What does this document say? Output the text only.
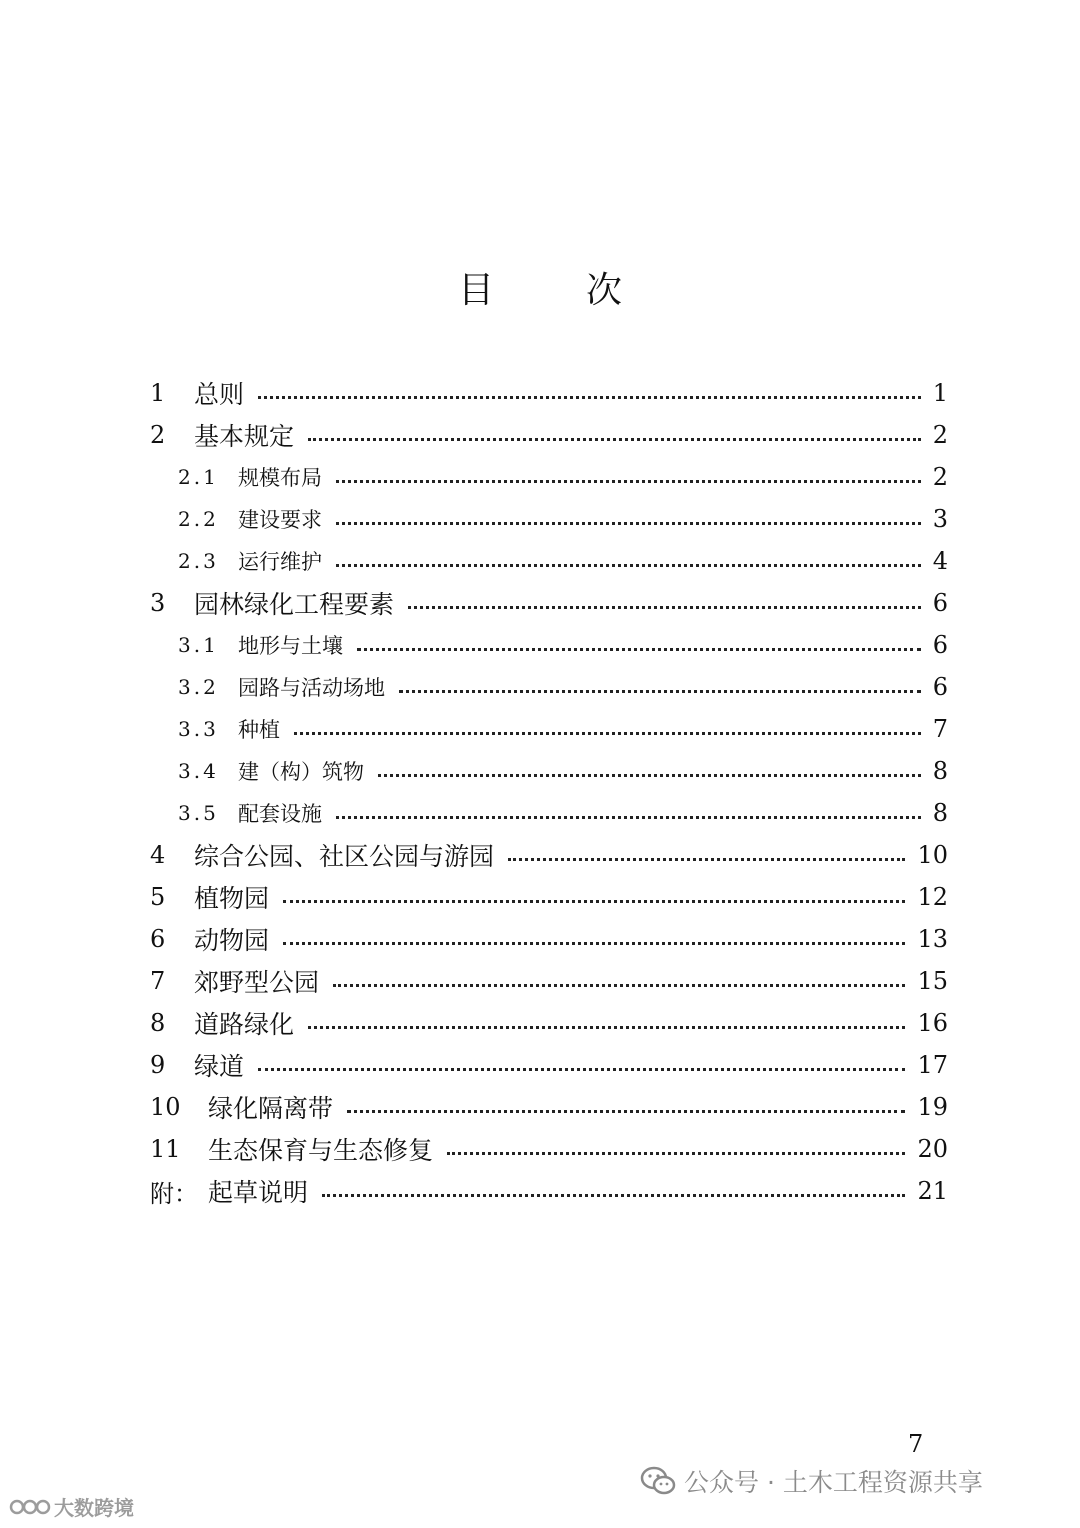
目	次
1	总则	1
2	基本规定	2
2.1 规模布局	2
2.2 建设要求	3
2.3 运行维护	4
3	园林绿化工程要素	6
3.1 地形与土壤	6
3.2 园路与活动场地	6
3.3 种植	7
3.4 建（构）筑物	8
3.5 配套设施	8
4	综合公园、社区公园与游园	10
5	植物园	12
6	动物园	13
7	郊野型公园	15
8	道路绿化	16
9	绿道	17
10	绿化隔离带	19
11	生态保育与生态修复	20
附： 起草说明	21
7
公众号 · 土木工程资源共享
大数跨境
